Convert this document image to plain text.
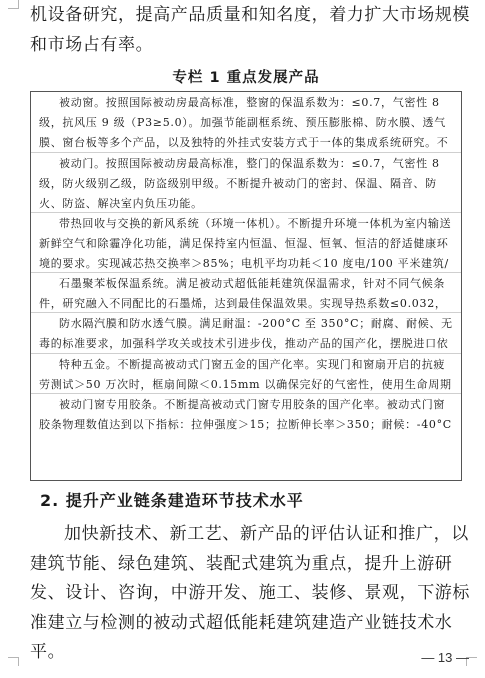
机设备研究，提高产品质量和知名度，着力扩大市场规模和市场占有率。

专栏 1 重点发展产品
被动窗。按照国际被动房最高标准，整窗的保温系数为：≤0.7，气密性 8 级，抗风压 9 级（P3≥5.0）。加强节能副框系统、预压膨胀棉、防水膜、透气膜、窗台板等多个产品，以及独特的外挂式安装方式于一体的集成系统研究。不
被动门。按照国际被动房最高标准，整门的保温系数为：≤0.7，气密性 8 级，防火级别乙级，防盗级别甲级。不断提升被动门的密封、保温、隔音、防火、防盗、解决室内负压功能。
带热回收与交换的新风系统（环境一体机）。不断提升环境一体机为室内输送新鲜空气和除霾净化功能，满足保持室内恒温、恒湿、恒氧、恒洁的舒适健康环境的要求。实现减芯热交换率＞85%；电机平均功耗＜10 度电/100 平米建筑/
石墨聚苯板保温系统。满足被动式超低能耗建筑保温需求，针对不同气候条件，研究融入不同配比的石墨烯，达到最佳保温效果。实现导热系数≤0.032，
防水隔汽膜和防水透气膜。满足耐温：-200°C 至 350°C；耐腐、耐候、无毒的标准要求，加强科学攻关或技术引进步伐，推动产品的国产化，摆脱进口依
特种五金。不断提高被动式门窗五金的国产化率。实现门和窗扇开启的抗疲劳测试＞50 万次时，框扇间隙＜0.15mm 以确保完好的气密性，使用生命周期
被动门窗专用胶条。不断提高被动式门窗专用胶条的国产化率。被动式门窗胶条物理数值达到以下指标：拉伸强度＞15；拉断伸长率＞350；耐候：-40°C
2. 提升产业链条建造环节技术水平

加快新技术、新工艺、新产品的评估认证和推广，以建筑节能、绿色建筑、装配式建筑为重点，提升上游研发、设计、咨询，中游开发、施工、装修、景观，下游标准建立与检测的被动式超低能耗建筑建造产业链技术水平。	— 13 —
